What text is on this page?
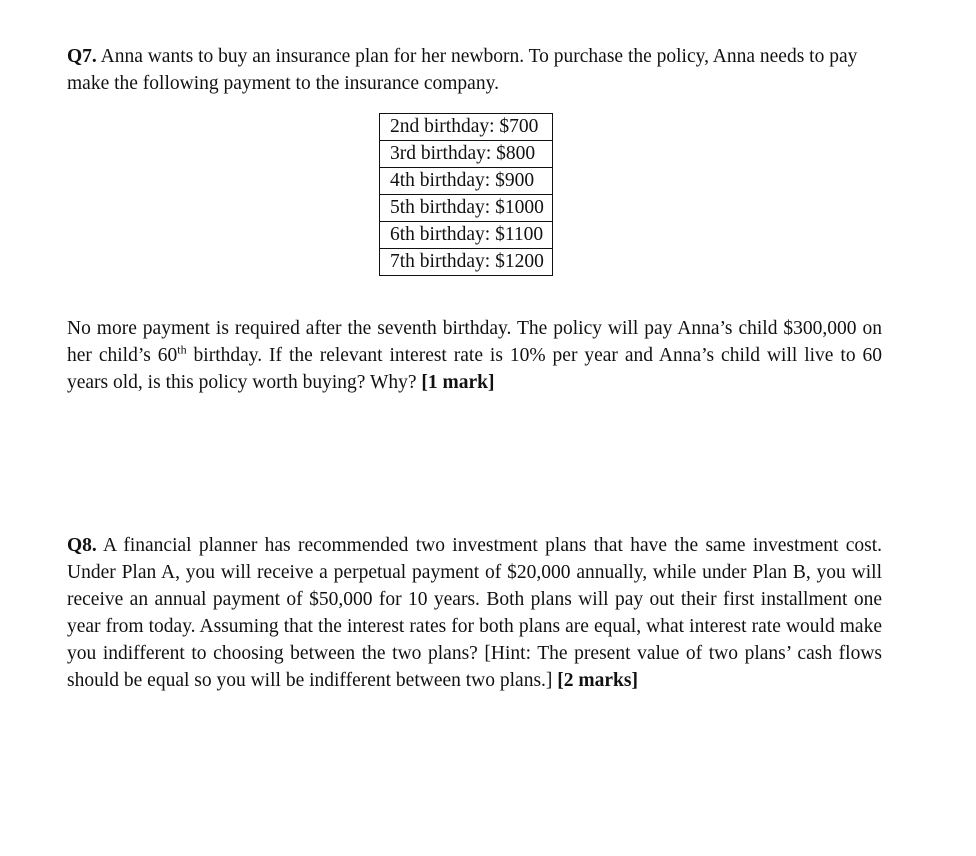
Q7. Anna wants to buy an insurance plan for her newborn. To purchase the policy, Anna needs to pay make the following payment to the insurance company.

2nd birthday: $700
3rd birthday: $800
4th birthday: $900
5th birthday: $1000
6th birthday: $1100
7th birthday: $1200

No more payment is required after the seventh birthday. The policy will pay Anna’s child $300,000 on her child’s 60th birthday. If the relevant interest rate is 10% per year and Anna’s child will live to 60 years old, is this policy worth buying? Why? [1 mark]

Q8. A financial planner has recommended two investment plans that have the same investment cost. Under Plan A, you will receive a perpetual payment of $20,000 annually, while under Plan B, you will receive an annual payment of $50,000 for 10 years. Both plans will pay out their first installment one year from today. Assuming that the interest rates for both plans are equal, what interest rate would make you indifferent to choosing between the two plans? [Hint: The present value of two plans’ cash flows should be equal so you will be indifferent between two plans.] [2 marks]
